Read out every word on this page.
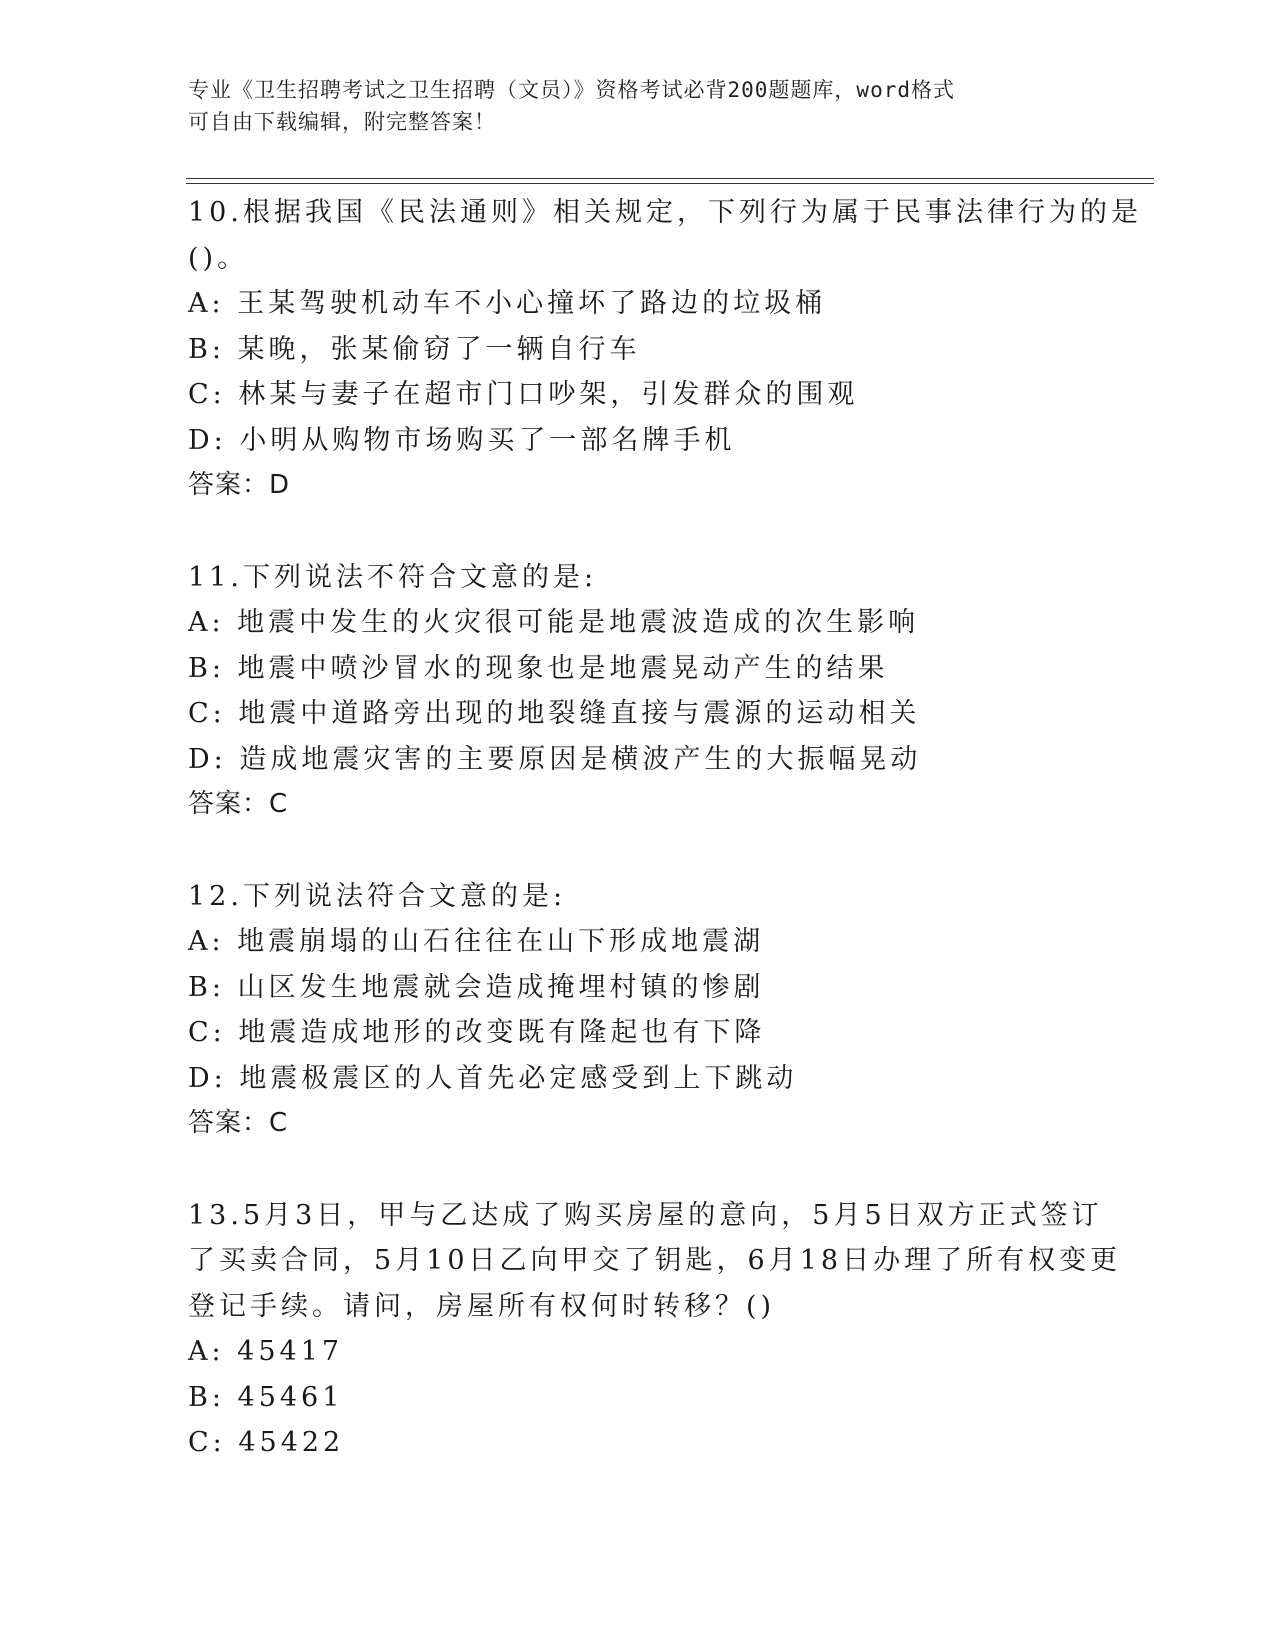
专业《卫生招聘考试之卫生招聘（文员）》资格考试必背200题题库，word格式
可自由下载编辑，附完整答案！
10.根据我国《民法通则》相关规定，下列行为属于民事法律行为的是
()。
A: 王某驾驶机动车不小心撞坏了路边的垃圾桶
B: 某晚，张某偷窃了一辆自行车
C: 林某与妻子在超市门口吵架，引发群众的围观
D: 小明从购物市场购买了一部名牌手机
答案：D
11.下列说法不符合文意的是:
A: 地震中发生的火灾很可能是地震波造成的次生影响
B: 地震中喷沙冒水的现象也是地震晃动产生的结果
C: 地震中道路旁出现的地裂缝直接与震源的运动相关
D: 造成地震灾害的主要原因是横波产生的大振幅晃动
答案：C
12.下列说法符合文意的是:
A: 地震崩塌的山石往往在山下形成地震湖
B: 山区发生地震就会造成掩埋村镇的惨剧
C: 地震造成地形的改变既有隆起也有下降
D: 地震极震区的人首先必定感受到上下跳动
答案：C
13.5月3日，甲与乙达成了购买房屋的意向，5月5日双方正式签订
了买卖合同，5月10日乙向甲交了钥匙，6月18日办理了所有权变更
登记手续。请问，房屋所有权何时转移？()
A: 45417
B: 45461
C: 45422
